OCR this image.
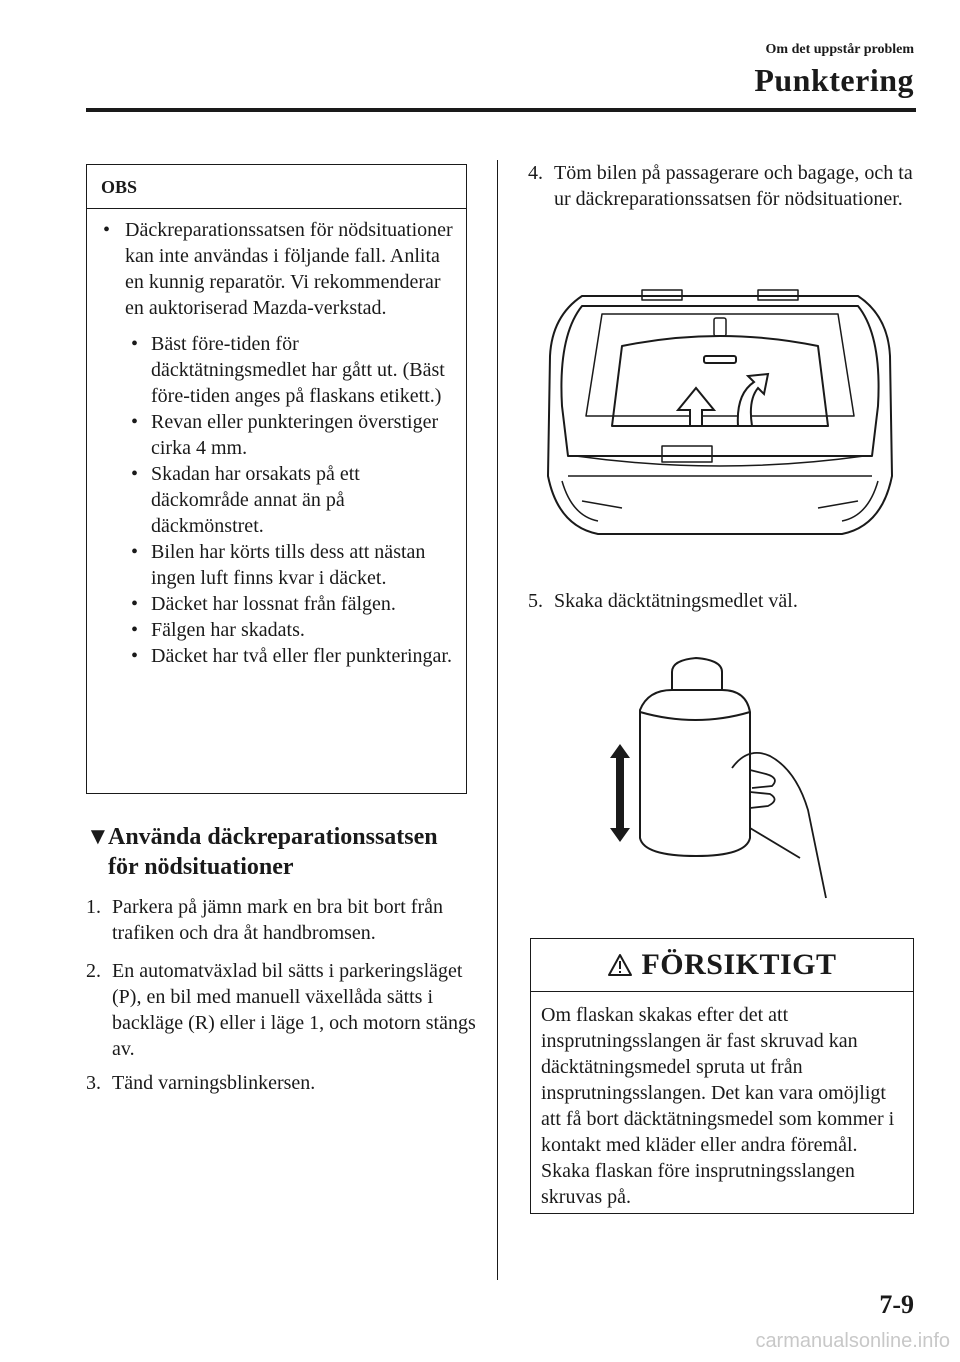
Om det uppstår problem
Punktering
OBS
• Däckreparationssatsen för nödsituationer kan inte användas i följande fall. Anlita en kunnig reparatör. Vi rekommenderar en auktoriserad Mazda-verkstad.
• Bäst före-tiden för däcktätningsmedlet har gått ut. (Bäst före-tiden anges på flaskans etikett.)
• Revan eller punkteringen överstiger cirka 4 mm.
• Skadan har orsakats på ett däckområde annat än på däckmönstret.
• Bilen har körts tills dess att nästan ingen luft finns kvar i däcket.
• Däcket har lossnat från fälgen.
• Fälgen har skadats.
• Däcket har två eller fler punkteringar.
▼Använda däckreparationssatsen
för nödsituationer
1. Parkera på jämn mark en bra bit bort från trafiken och dra åt handbromsen.
2. En automatväxlad bil sätts i parkeringsläget (P), en bil med manuell växellåda sätts i backläge (R) eller i läge 1, och motorn stängs av.
3. Tänd varningsblinkersen.
4. Töm bilen på passagerare och bagage, och ta ur däckreparationssatsen för nödsituationer.
5. Skaka däcktätningsmedlet väl.
FÖRSIKTIGT
Om flaskan skakas efter det att insprutningsslangen är fast skruvad kan däcktätningsmedel spruta ut från insprutningsslangen. Det kan vara omöjligt att få bort däcktätningsmedel som kommer i kontakt med kläder eller andra föremål. Skaka flaskan före insprutningsslangen skruvas på.
7-9
carmanualsonline.info
